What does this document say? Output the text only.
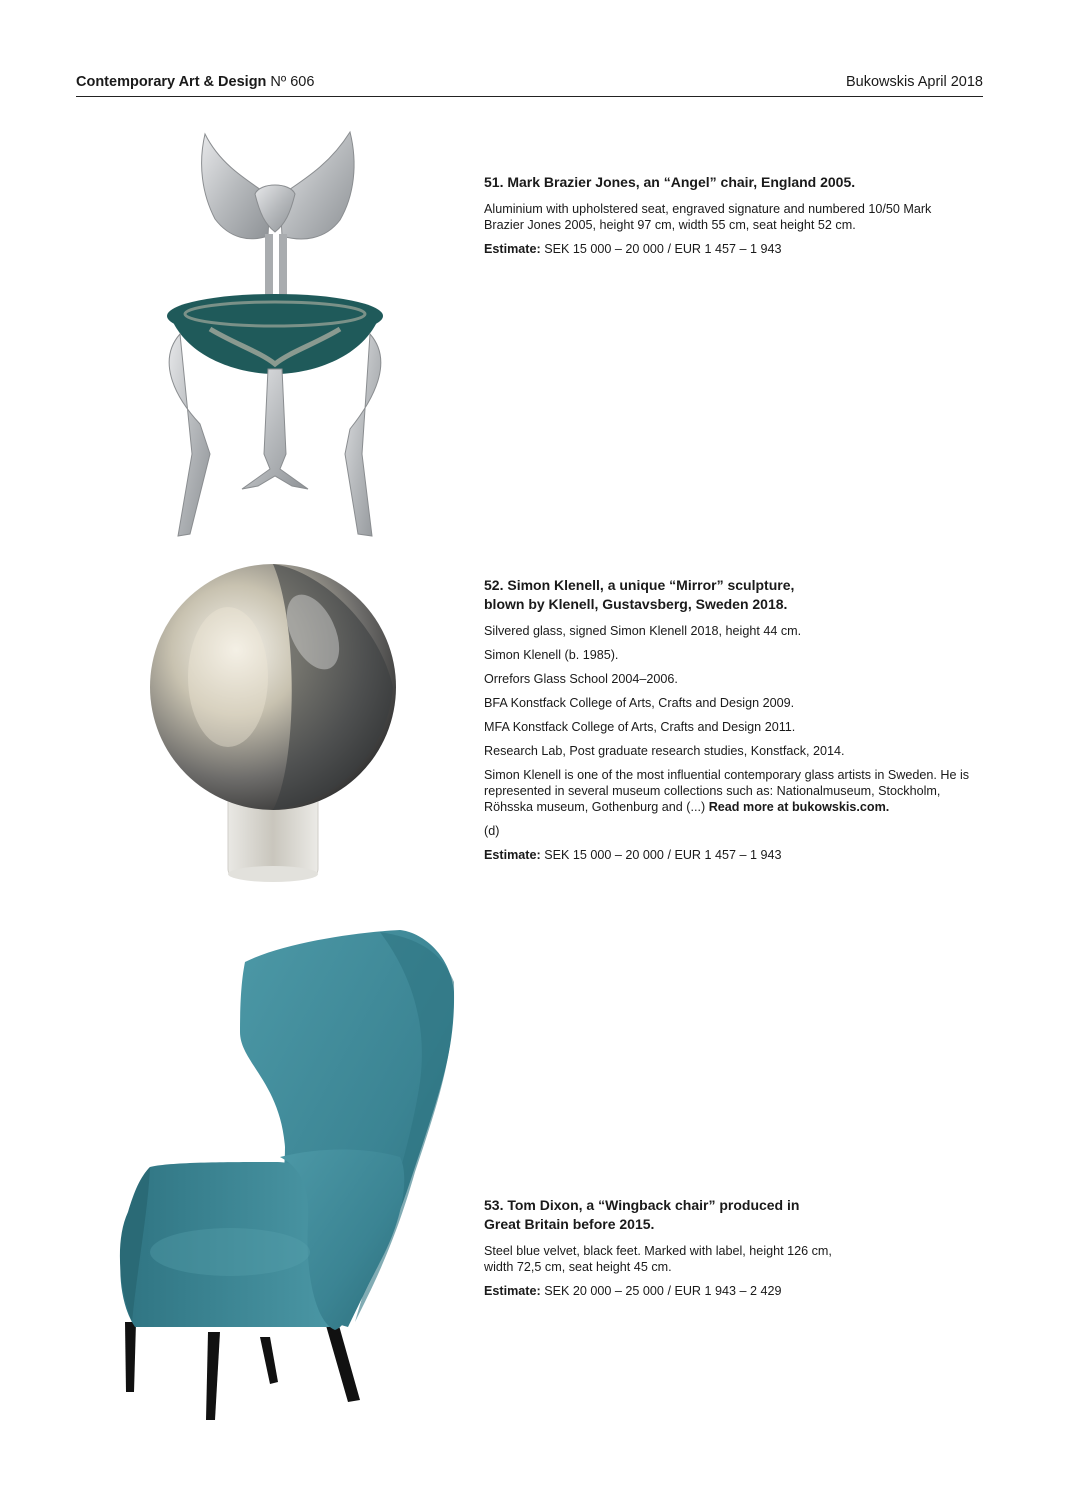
Contemporary Art & Design Nº 606	Bukowskis April 2018

51. Mark Brazier Jones, an “Angel” chair, England 2005.

Aluminium with upholstered seat, engraved signature and numbered 10/50 Mark Brazier Jones 2005, height 97 cm, width 55 cm, seat height 52 cm.

Estimate: SEK 15 000 – 20 000 / EUR 1 457 – 1 943

52. Simon Klenell, a unique “Mirror” sculpture,
blown by Klenell, Gustavsberg, Sweden 2018.

Silvered glass, signed Simon Klenell 2018, height 44 cm.

Simon Klenell (b. 1985).

Orrefors Glass School 2004–2006.

BFA Konstfack College of Arts, Crafts and Design 2009.

MFA Konstfack College of Arts, Crafts and Design 2011.

Research Lab, Post graduate research studies, Konstfack, 2014.

Simon Klenell is one of the most influential contemporary glass artists in Sweden. He is represented in several museum collections such as: Nationalmuseum, Stockholm, Röhsska museum, Gothenburg and (...) Read more at bukowskis.com.

(d)

Estimate: SEK 15 000 – 20 000 / EUR 1 457 – 1 943

53. Tom Dixon, a “Wingback chair” produced in
Great Britain before 2015.

Steel blue velvet, black feet. Marked with label, height 126 cm,
width 72,5 cm, seat height 45 cm.

Estimate: SEK 20 000 – 25 000 / EUR 1 943 – 2 429
